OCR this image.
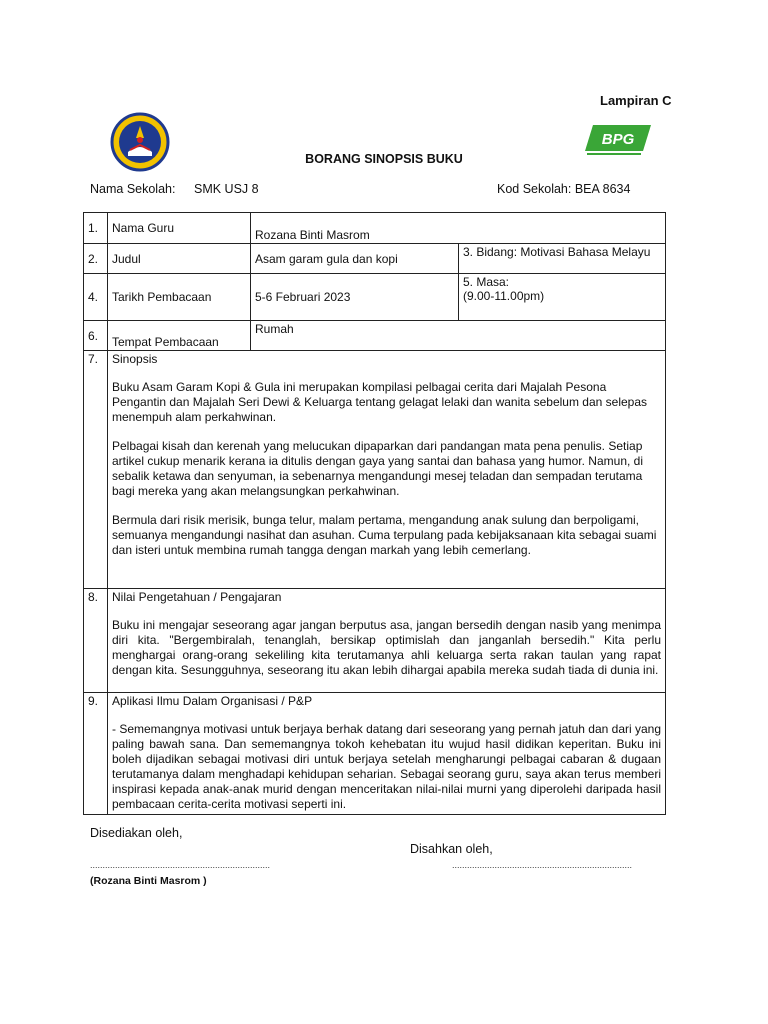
Lampiran C
BPG
BORANG SINOPSIS BUKU
Nama Sekolah: SMK USJ 8	Kod Sekolah: BEA 8634
1.	Nama Guru	Rozana Binti Masrom	
2.	Judul	Asam garam gula dan kopi	3. Bidang: Motivasi Bahasa Melayu
4.	Tarikh Pembacaan	5-6 Februari 2023	5. Masa:
(9.00-11.00pm)

6.	Tempat Pembacaan	Rumah	
7.	Sinopsis

Buku Asam Garam Kopi & Gula ini merupakan kompilasi pelbagai cerita dari Majalah Pesona Pengantin dan Majalah Seri Dewi & Keluarga tentang gelagat lelaki dan wanita sebelum dan selepas menempuh alam perkahwinan.

Pelbagai kisah dan kerenah yang melucukan dipaparkan dari pandangan mata pena penulis. Setiap artikel cukup menarik kerana ia ditulis dengan gaya yang santai dan bahasa yang humor. Namun, di sebalik ketawa dan senyuman, ia sebenarnya mengandungi mesej teladan dan sempadan terutama bagi mereka yang akan melangsungkan perkahwinan.

Bermula dari risik merisik, bunga telur, malam pertama, mengandung anak sulung dan berpoligami, semuanya mengandungi nasihat dan asuhan. Cuma terpulang pada kebijaksanaan kita sebagai suami dan isteri untuk membina rumah tangga dengan markah yang lebih cemerlang.		

8.	Nilai Pengetahuan / Pengajaran

Buku ini mengajar seseorang agar jangan berputus asa, jangan bersedih dengan nasib yang menimpa diri kita. "Bergembiralah, tenanglah, bersikap optimislah dan janganlah bersedih." Kita perlu menghargai orang-orang sekeliling kita terutamanya ahli keluarga serta rakan taulan yang rapat dengan kita. Sesungguhnya, seseorang itu akan lebih dihargai apabila mereka sudah tiada di dunia ini.		

9.	Aplikasi Ilmu Dalam Organisasi / P&P

- Sememangnya motivasi untuk berjaya berhak datang dari seseorang yang pernah jatuh dan dari yang paling bawah sana. Dan sememangnya tokoh kehebatan itu wujud hasil didikan keperitan. Buku ini boleh dijadikan sebagai motivasi diri untuk berjaya setelah mengharungi pelbagai cabaran & dugaan terutamanya dalam menghadapi kehidupan seharian. Sebagai seorang guru, saya akan terus memberi inspirasi kepada anak-anak murid dengan menceritakan nilai-nilai murni yang diperolehi daripada hasil pembacaan cerita-cerita motivasi seperti ini.		

Disediakan oleh,
Disahkan oleh,
........................................................................	........................................................................
(Rozana Binti Masrom )
